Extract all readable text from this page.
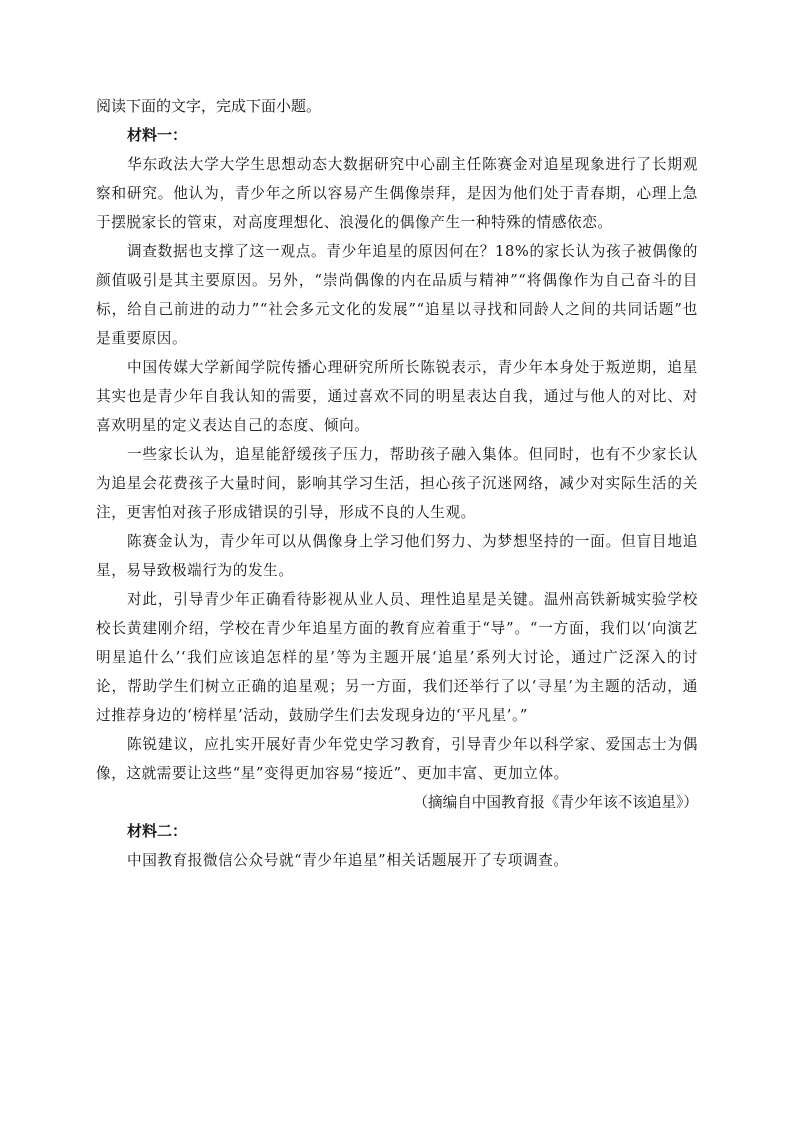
阅读下面的文字，完成下面小题。

材料一：

华东政法大学大学生思想动态大数据研究中心副主任陈赛金对追星现象进行了长期观察和研究。他认为，青少年之所以容易产生偶像崇拜，是因为他们处于青春期，心理上急于摆脱家长的管束，对高度理想化、浪漫化的偶像产生一种特殊的情感依恋。

调查数据也支撑了这一观点。青少年追星的原因何在？18%的家长认为孩子被偶像的颜值吸引是其主要原因。另外，“崇尚偶像的内在品质与精神”“将偶像作为自己奋斗的目标，给自己前进的动力”“社会多元文化的发展”“追星以寻找和同龄人之间的共同话题”也是重要原因。

中国传媒大学新闻学院传播心理研究所所长陈锐表示，青少年本身处于叛逆期，追星其实也是青少年自我认知的需要，通过喜欢不同的明星表达自我，通过与他人的对比、对喜欢明星的定义表达自己的态度、倾向。

一些家长认为，追星能舒缓孩子压力，帮助孩子融入集体。但同时，也有不少家长认为追星会花费孩子大量时间，影响其学习生活，担心孩子沉迷网络，减少对实际生活的关注，更害怕对孩子形成错误的引导，形成不良的人生观。

陈赛金认为，青少年可以从偶像身上学习他们努力、为梦想坚持的一面。但盲目地追星，易导致极端行为的发生。

对此，引导青少年正确看待影视从业人员、理性追星是关键。温州高铁新城实验学校校长黄建刚介绍，学校在青少年追星方面的教育应着重于“导”。“一方面，我们以‘向演艺明星追什么’‘我们应该追怎样的星’等为主题开展‘追星’系列大讨论，通过广泛深入的讨论，帮助学生们树立正确的追星观；另一方面，我们还举行了以‘寻星’为主题的活动，通过推荐身边的‘榜样星’活动，鼓励学生们去发现身边的‘平凡星’。”

陈锐建议，应扎实开展好青少年党史学习教育，引导青少年以科学家、爱国志士为偶像，这就需要让这些“星”变得更加容易“接近”、更加丰富、更加立体。

（摘编自中国教育报《青少年该不该追星》）

材料二：

中国教育报微信公众号就“青少年追星”相关话题展开了专项调查。
